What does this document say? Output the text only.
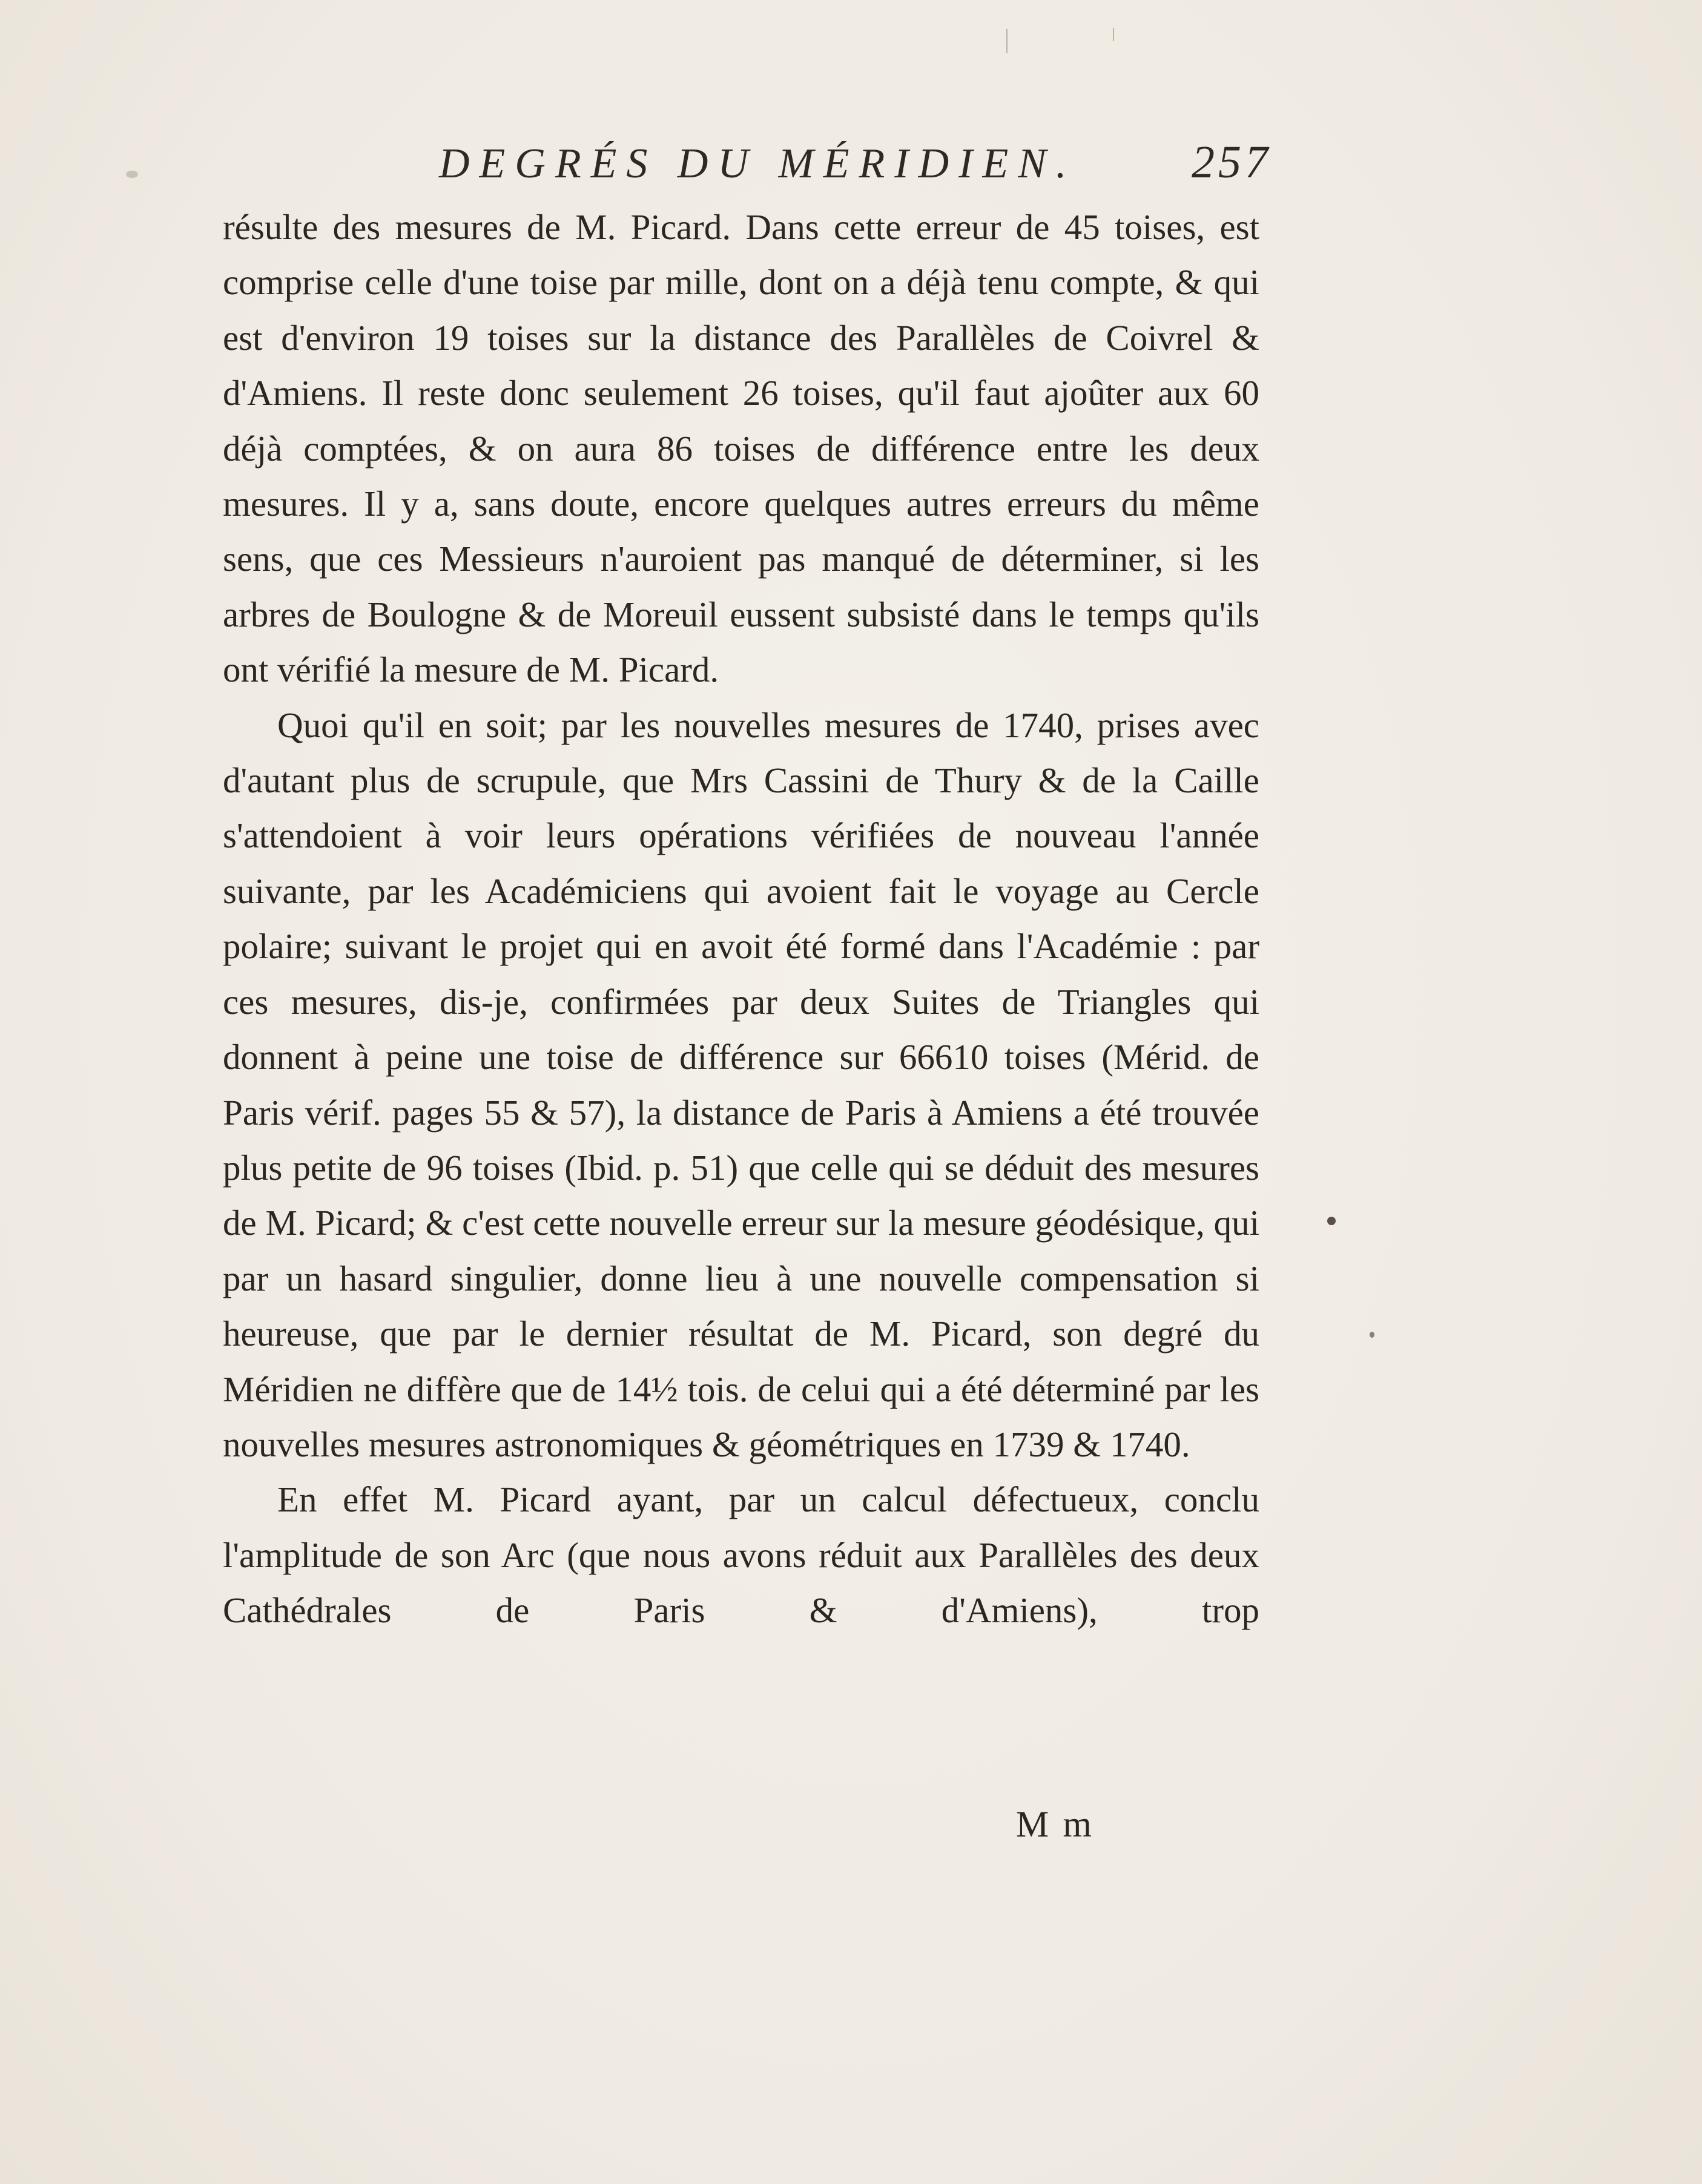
DEGRÉS DU MÉRIDIEN.	257

résulte des mesures de M. Picard. Dans cette erreur de 45 toises, est comprise celle d'une toise par mille, dont on a déjà tenu compte, & qui est d'environ 19 toises sur la distance des Parallèles de Coivrel & d'Amiens. Il reste donc seulement 26 toises, qu'il faut ajoûter aux 60 déjà comptées, & on aura 86 toises de différence entre les deux mesures. Il y a, sans doute, encore quelques autres erreurs du même sens, que ces Messieurs n'auroient pas manqué de déterminer, si les arbres de Boulogne & de Moreuil eussent subsisté dans le temps qu'ils ont vérifié la mesure de M. Picard.

Quoi qu'il en soit; par les nouvelles mesures de 1740, prises avec d'autant plus de scrupule, que Mrs Cassini de Thury & de la Caille s'attendoient à voir leurs opérations vérifiées de nouveau l'année suivante, par les Académiciens qui avoient fait le voyage au Cercle polaire; suivant le projet qui en avoit été formé dans l'Académie : par ces mesures, dis-je, confirmées par deux Suites de Triangles qui donnent à peine une toise de différence sur 66610 toises (Mérid. de Paris vérif. pages 55 & 57), la distance de Paris à Amiens a été trouvée plus petite de 96 toises (Ibid. p. 51) que celle qui se déduit des mesures de M. Picard; & c'est cette nouvelle erreur sur la mesure géodésique, qui par un hasard singulier, donne lieu à une nouvelle compensation si heureuse, que par le dernier résultat de M. Picard, son degré du Méridien ne diffère que de 14½ tois. de celui qui a été déterminé par les nouvelles mesures astronomiques & géométriques en 1739 & 1740.

En effet M. Picard ayant, par un calcul défectueux, conclu l'amplitude de son Arc (que nous avons réduit aux Parallèles des deux Cathédrales de Paris & d'Amiens), trop

M m
